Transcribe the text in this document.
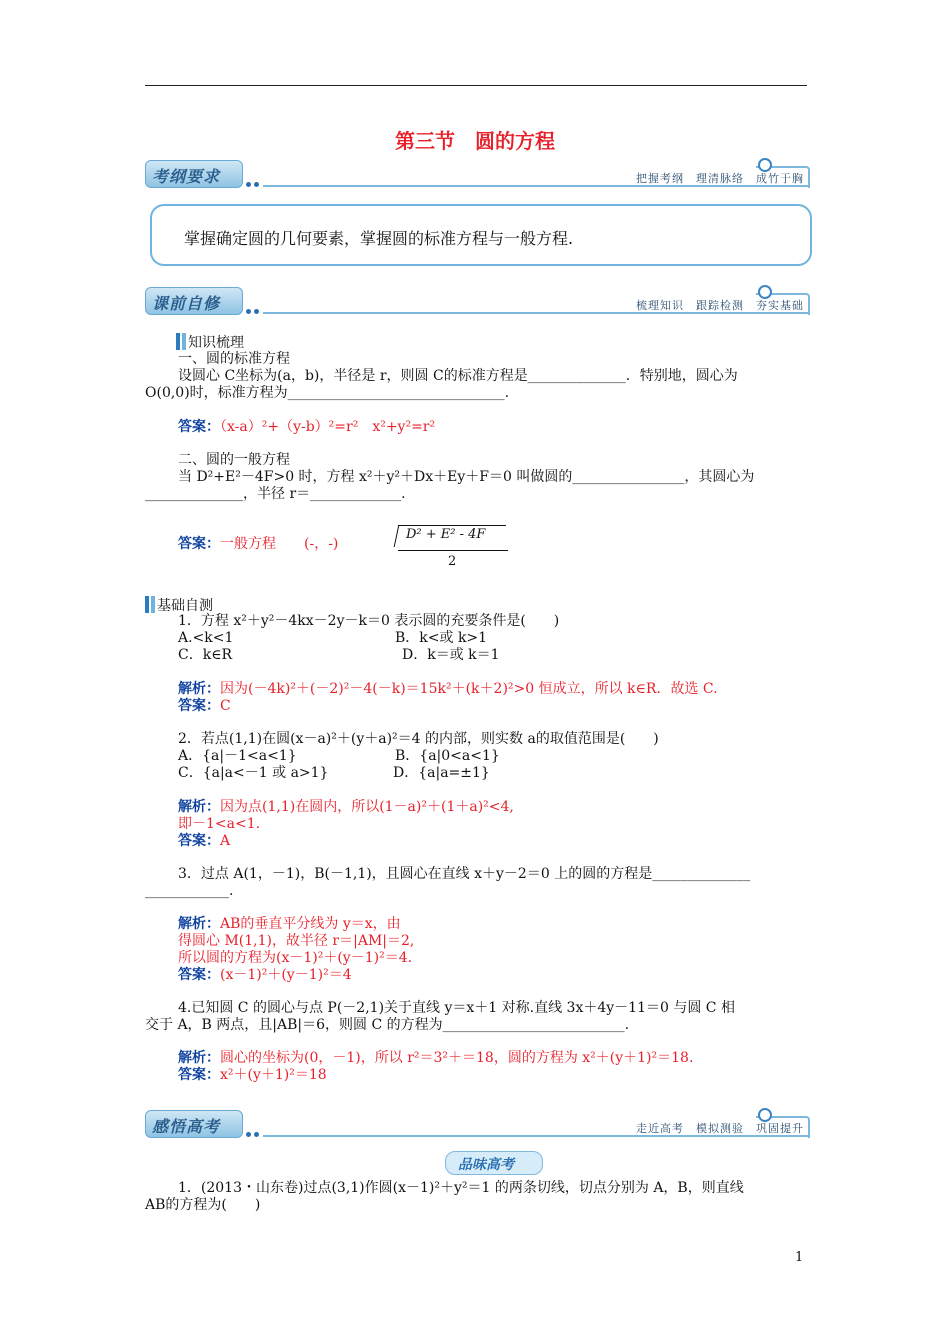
第三节　圆的方程
考纲要求	把握考纲　理清脉络　成竹于胸
掌握确定圆的几何要素，掌握圆的标准方程与一般方程.
课前自修	梳理知识　跟踪检测　夯实基础
知识梳理
一、圆的标准方程
设圆心 C坐标为(a，b)，半径是 r，则圆 C的标准方程是______________．特别地，圆心为
O(0,0)时，标准方程为_______________________________.
答案：（x-a）²+（y-b）²=r²　x²+y²=r²
二、圆的一般方程
当 D²+E²－4F>0 时，方程 x²＋y²＋Dx＋Ey＋F＝0 叫做圆的________________，其圆心为
______________，半径 r＝_____________.
答案：一般方程　　(-，-)
D² + E² - 4F
2
基础自测
1．方程 x²＋y²－4kx－2y－k＝0 表示圆的充要条件是(　　)
A.<k<1	B．k<或 k>1
C．k∈R	D．k＝或 k＝1
解析：因为(－4k)²＋(－2)²－4(－k)＝15k²＋(k＋2)²>0 恒成立，所以 k∈R．故选 C.
答案：C
2．若点(1,1)在圆(x－a)²＋(y＋a)²＝4 的内部，则实数 a的取值范围是(　　)
A．{a|－1<a<1}	B．{a|0<a<1}
C．{a|a<－1 或 a>1}	D．{a|a=±1}
解析：因为点(1,1)在圆内，所以(1－a)²＋(1＋a)²<4,
即－1<a<1.
答案：A
3．过点 A(1，－1)，B(－1,1)，且圆心在直线 x＋y－2＝0 上的圆的方程是______________
____________.
解析：AB的垂直平分线为 y＝x，由
得圆心 M(1,1)，故半径 r＝|AM|＝2,
所以圆的方程为(x－1)²＋(y－1)²＝4.
答案：(x－1)²＋(y－1)²＝4
4.已知圆 C 的圆心与点 P(－2,1)关于直线 y＝x＋1 对称.直线 3x＋4y－11＝0 与圆 C 相
交于 A，B 两点，且|AB|＝6，则圆 C 的方程为__________________________.
解析：圆心的坐标为(0，－1)，所以 r²＝3²＋＝18，圆的方程为 x²＋(y＋1)²＝18.
答案：x²＋(y＋1)²＝18
感悟高考	走近高考　模拟测验　巩固提升
品味高考
1．(2013・山东卷)过点(3,1)作圆(x－1)²＋y²＝1 的两条切线，切点分别为 A，B，则直线
AB的方程为(　　)
1
